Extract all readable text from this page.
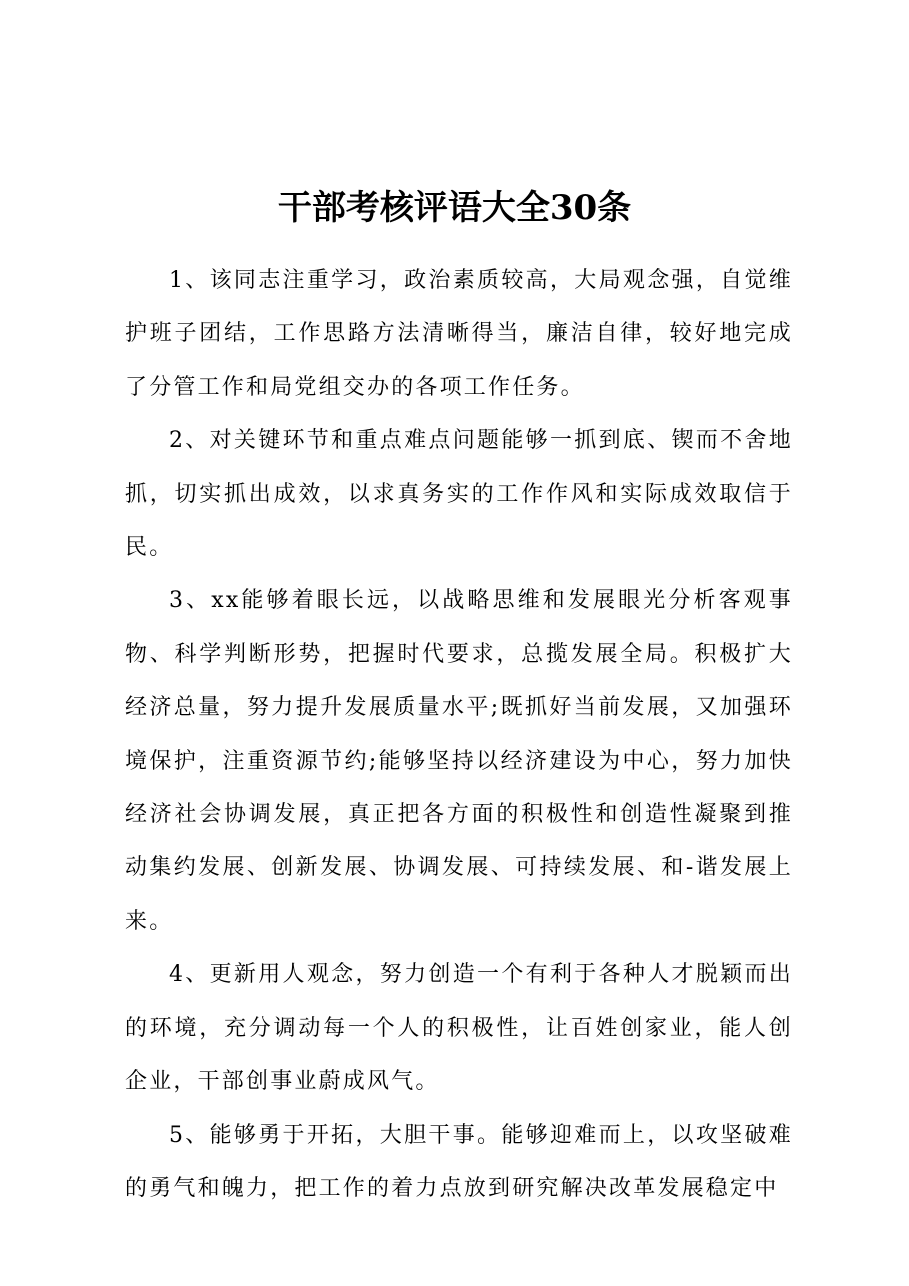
干部考核评语大全30条

1、该同志注重学习，政治素质较高，大局观念强，自觉维护班子团结，工作思路方法清晰得当，廉洁自律，较好地完成了分管工作和局党组交办的各项工作任务。

2、对关键环节和重点难点问题能够一抓到底、锲而不舍地抓，切实抓出成效，以求真务实的工作作风和实际成效取信于民。

3、xx能够着眼长远，以战略思维和发展眼光分析客观事物、科学判断形势，把握时代要求，总揽发展全局。积极扩大经济总量，努力提升发展质量水平;既抓好当前发展，又加强环境保护，注重资源节约;能够坚持以经济建设为中心，努力加快经济社会协调发展，真正把各方面的积极性和创造性凝聚到推动集约发展、创新发展、协调发展、可持续发展、和-谐发展上来。

4、更新用人观念，努力创造一个有利于各种人才脱颖而出的环境，充分调动每一个人的积极性，让百姓创家业，能人创企业，干部创事业蔚成风气。

5、能够勇于开拓，大胆干事。能够迎难而上，以攻坚破难的勇气和魄力，把工作的着力点放到研究解决改革发展稳定中
